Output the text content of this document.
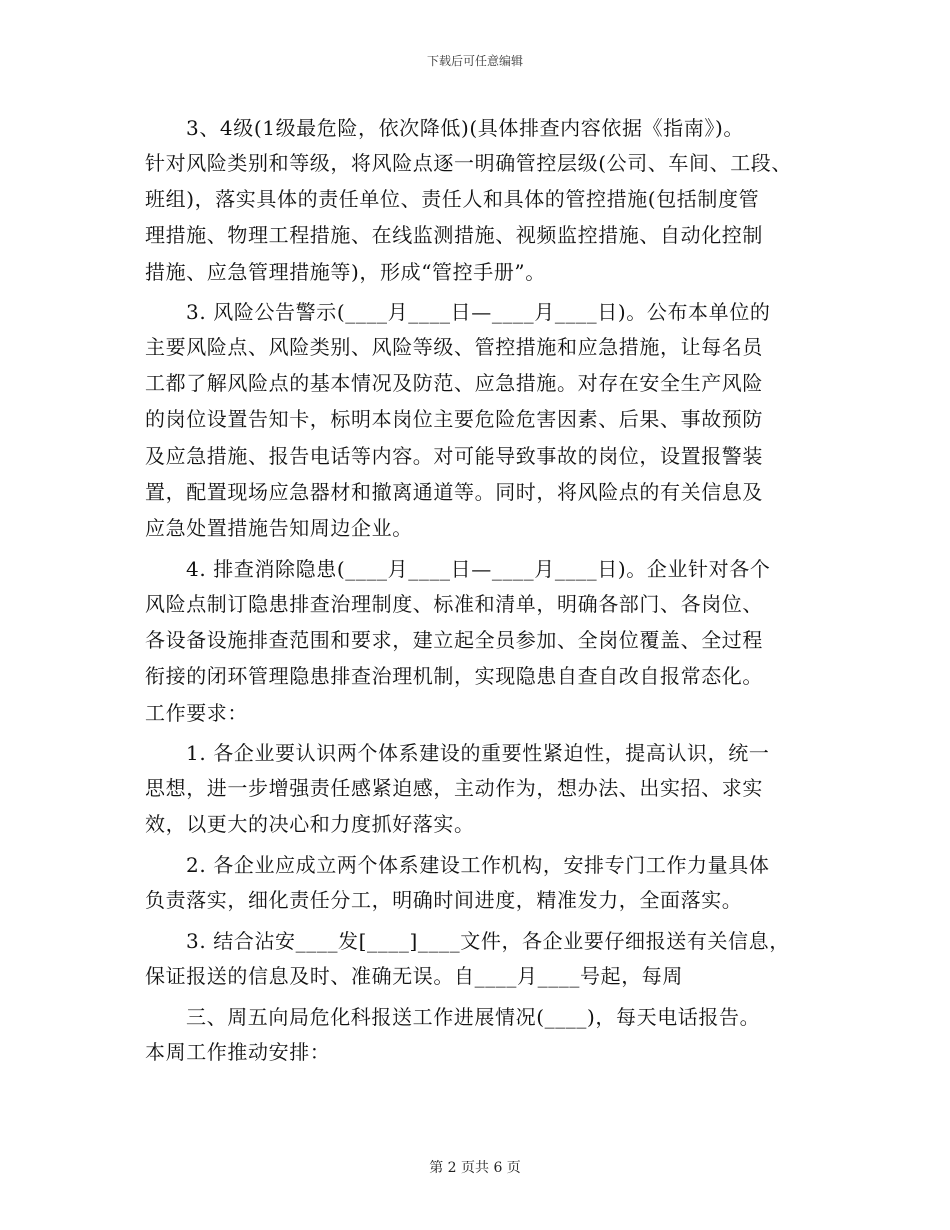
下载后可任意编辑
3、4级(1级最危险，依次降低)(具体排查内容依据《指南》)。
针对风险类别和等级，将风险点逐一明确管控层级(公司、车间、工段、
班组)，落实具体的责任单位、责任人和具体的管控措施(包括制度管
理措施、物理工程措施、在线监测措施、视频监控措施、自动化控制
措施、应急管理措施等)，形成“管控手册”。
3. 风险公告警示(____月____日—____月____日)。公布本单位的
主要风险点、风险类别、风险等级、管控措施和应急措施，让每名员
工都了解风险点的基本情况及防范、应急措施。对存在安全生产风险
的岗位设置告知卡，标明本岗位主要危险危害因素、后果、事故预防
及应急措施、报告电话等内容。对可能导致事故的岗位，设置报警装
置，配置现场应急器材和撤离通道等。同时，将风险点的有关信息及
应急处置措施告知周边企业。
4. 排查消除隐患(____月____日—____月____日)。企业针对各个
风险点制订隐患排查治理制度、标准和清单，明确各部门、各岗位、
各设备设施排查范围和要求，建立起全员参加、全岗位覆盖、全过程
衔接的闭环管理隐患排查治理机制，实现隐患自查自改自报常态化。
工作要求：
1. 各企业要认识两个体系建设的重要性紧迫性，提高认识，统一
思想，进一步增强责任感紧迫感，主动作为，想办法、出实招、求实
效，以更大的决心和力度抓好落实。
2. 各企业应成立两个体系建设工作机构，安排专门工作力量具体
负责落实，细化责任分工，明确时间进度，精准发力，全面落实。
3. 结合沾安____发[____]____文件，各企业要仔细报送有关信息，
保证报送的信息及时、准确无误。自____月____号起，每周
三、周五向局危化科报送工作进展情况(____)，每天电话报告。
本周工作推动安排：
第 2 页共 6 页
